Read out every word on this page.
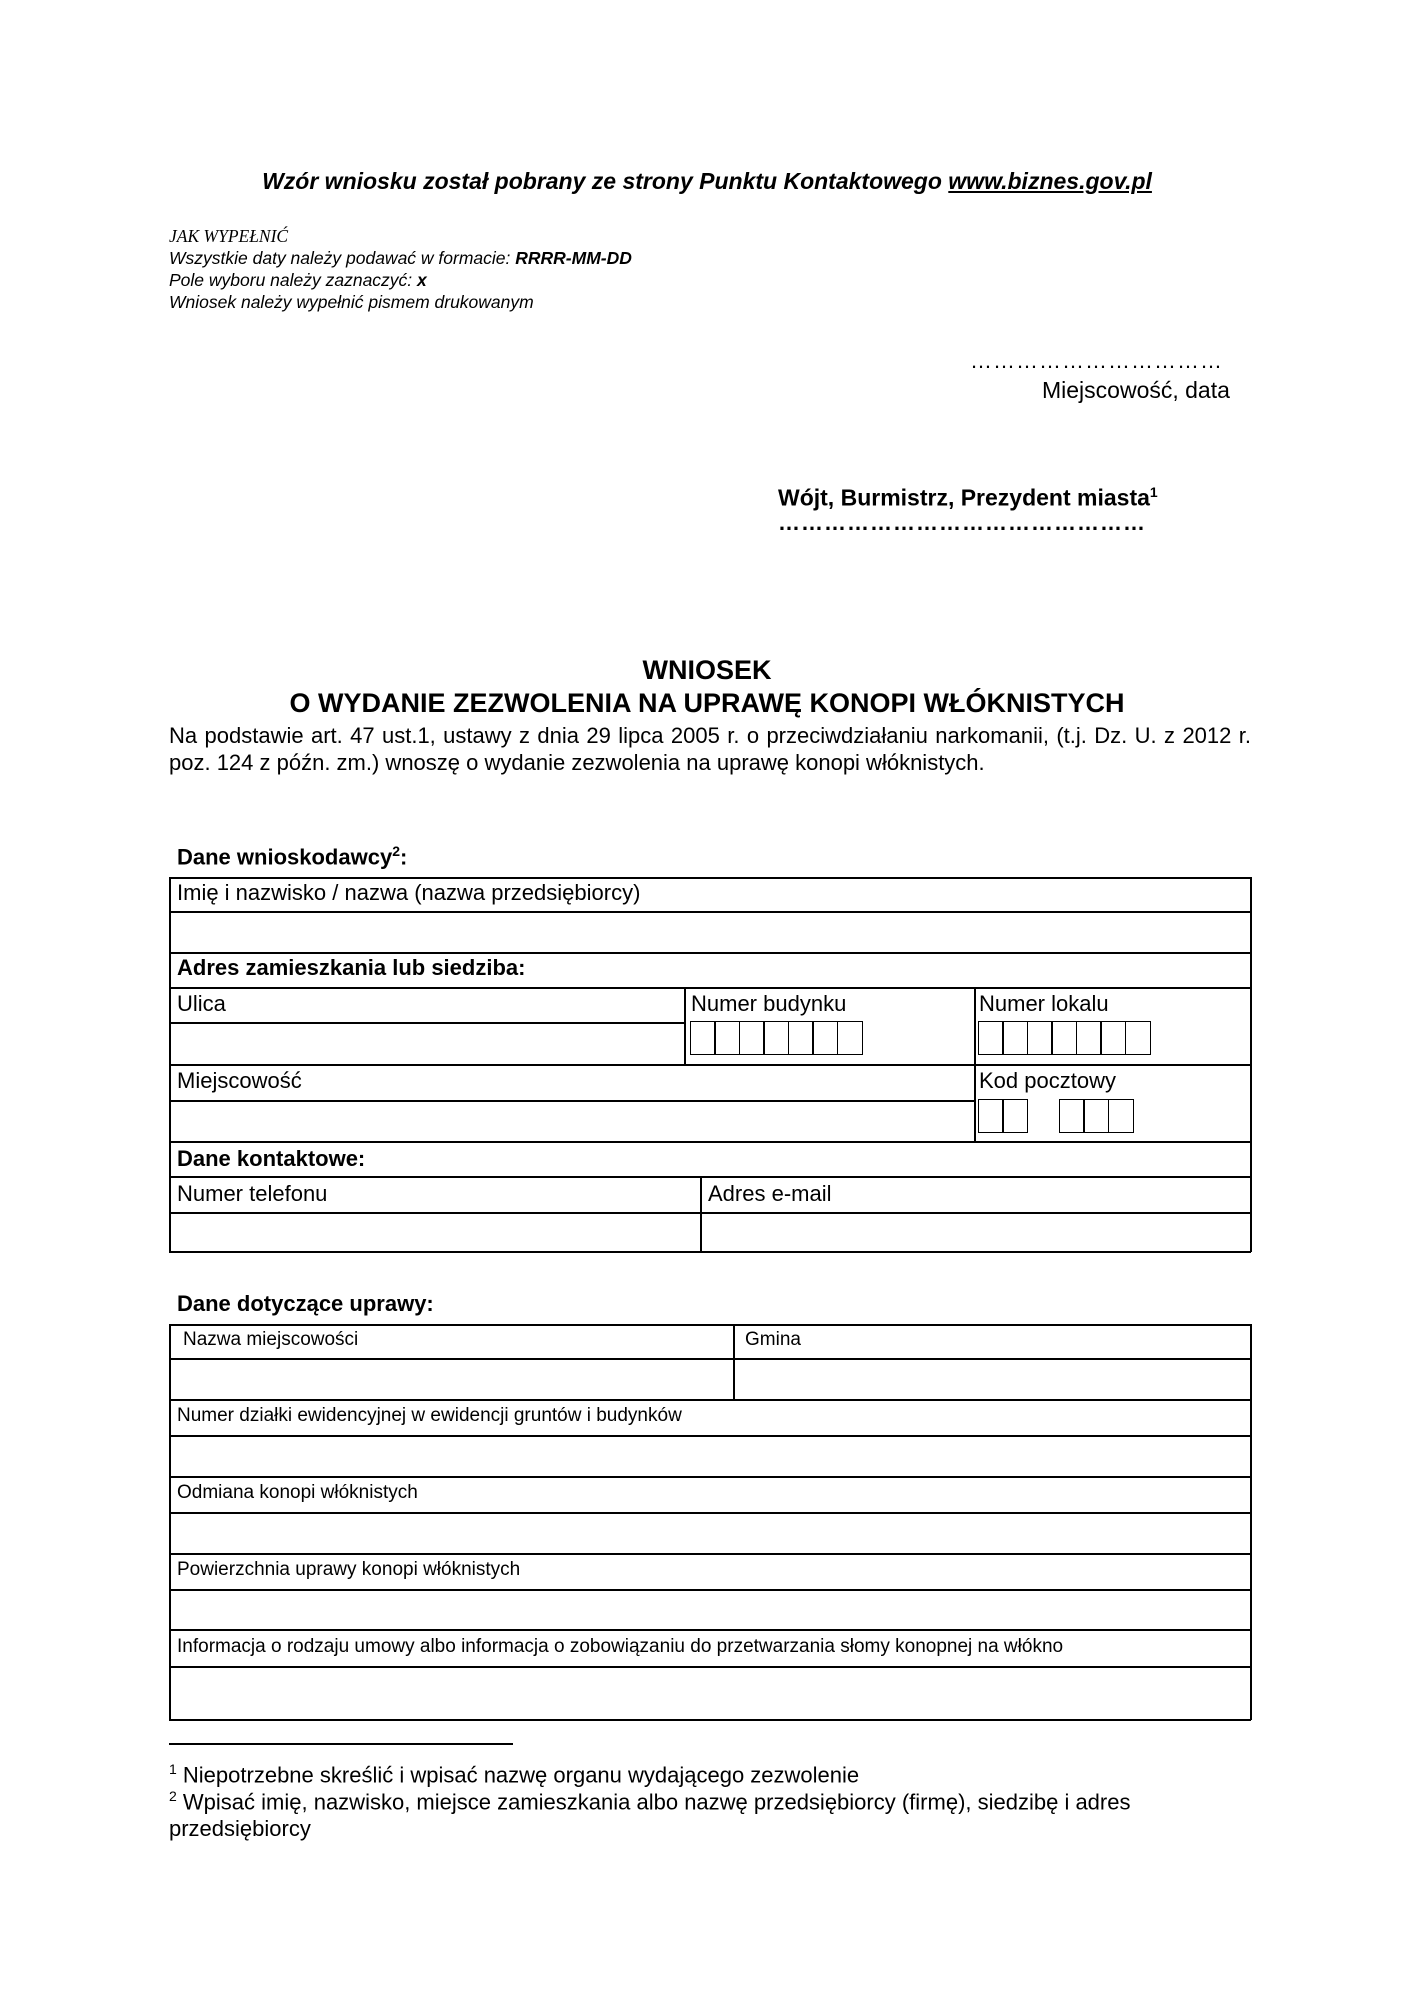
Wzór wniosku został pobrany ze strony Punktu Kontaktowego www.biznes.gov.pl
JAK WYPEŁNIĆ
Wszystkie daty należy podawać w formacie: RRRR-MM-DD
Pole wyboru należy zaznaczyć: x
Wniosek należy wypełnić pismem drukowanym
……………………………
Miejscowość, data
Wójt, Burmistrz, Prezydent miasta$^1$
…………………………………………
WNIOSEK
O WYDANIE ZEZWOLENIA NA UPRAWĘ KONOPI WŁÓKNISTYCH
Na podstawie art. 47 ust.1, ustawy z dnia 29 lipca 2005 r. o przeciwdziałaniu narkomanii, (t.j. Dz. U. z 2012 r. poz. 124 z późn. zm.) wnoszę o wydanie zezwolenia na uprawę konopi włóknistych.
Dane wnioskodawcy$^2$:
Imię i nazwisko / nazwa (nazwa przedsiębiorcy)
Adres zamieszkania lub siedziba:
Ulica	Numer budynku	Numer lokalu
Miejscowość	Kod pocztowy
Dane kontaktowe:
Numer telefonu	Adres e-mail
Dane dotyczące uprawy:
Nazwa miejscowości	Gmina
Numer działki ewidencyjnej w ewidencji gruntów i budynków
Odmiana konopi włóknistych
Powierzchnia uprawy konopi włóknistych
Informacja o rodzaju umowy albo informacja o zobowiązaniu do przetwarzania słomy konopnej na włókno
$^1$ Niepotrzebne skreślić i wpisać nazwę organu wydającego zezwolenie
$^2$ Wpisać imię, nazwisko, miejsce zamieszkania albo nazwę przedsiębiorcy (firmę), siedzibę i adres przedsiębiorcy
